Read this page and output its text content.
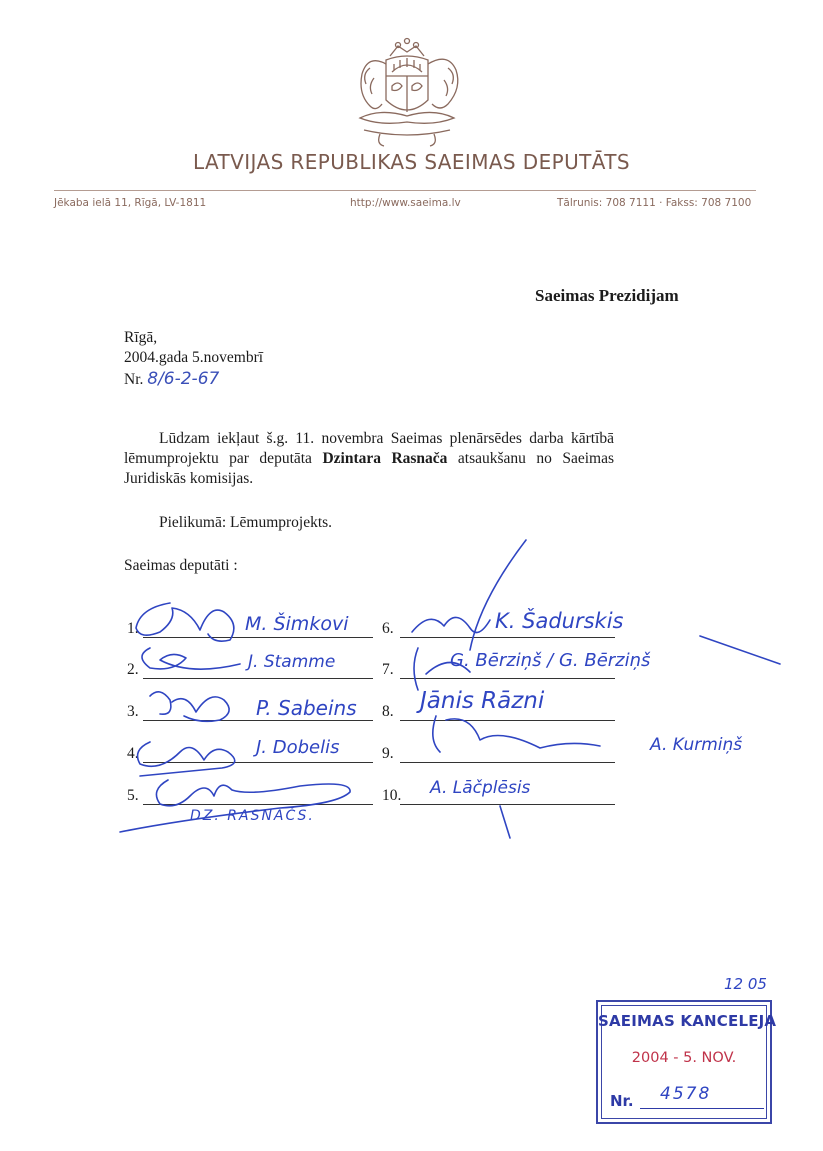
LATVIJAS REPUBLIKAS SAEIMAS DEPUTĀTS
Jēkaba ielā 11, Rīgā, LV-1811	http://www.saeima.lv	Tālrunis: 708 7111 · Fakss: 708 7100
Saeimas Prezidijam
Rīgā,
2004.gada 5.novembrī
Nr. 8/6-2-67
Lūdzam iekļaut š.g. 11. novembra Saeimas plenārsēdes darba kārtībā lēmumprojektu par deputāta Dzintara Rasnača atsaukšanu no Saeimas Juridiskās komisijas.
Pielikumā: Lēmumprojekts.
Saeimas deputāti :
1.	M. Šimkovi
2.	J. Stamme
3.	P. Sabeins
4.	J. Dobelis
5.
DZ. RASNAČS.
6.	K. Šadurskis
7.	G. Bērziņš / G. Bērziņš
8. Jānis Rāzni
9.	A. Kurmiņš
10. A. Lāčplēsis
12 05
SAEIMAS KANCELEJA
2004 - 5. NOV.
Nr. 4578
